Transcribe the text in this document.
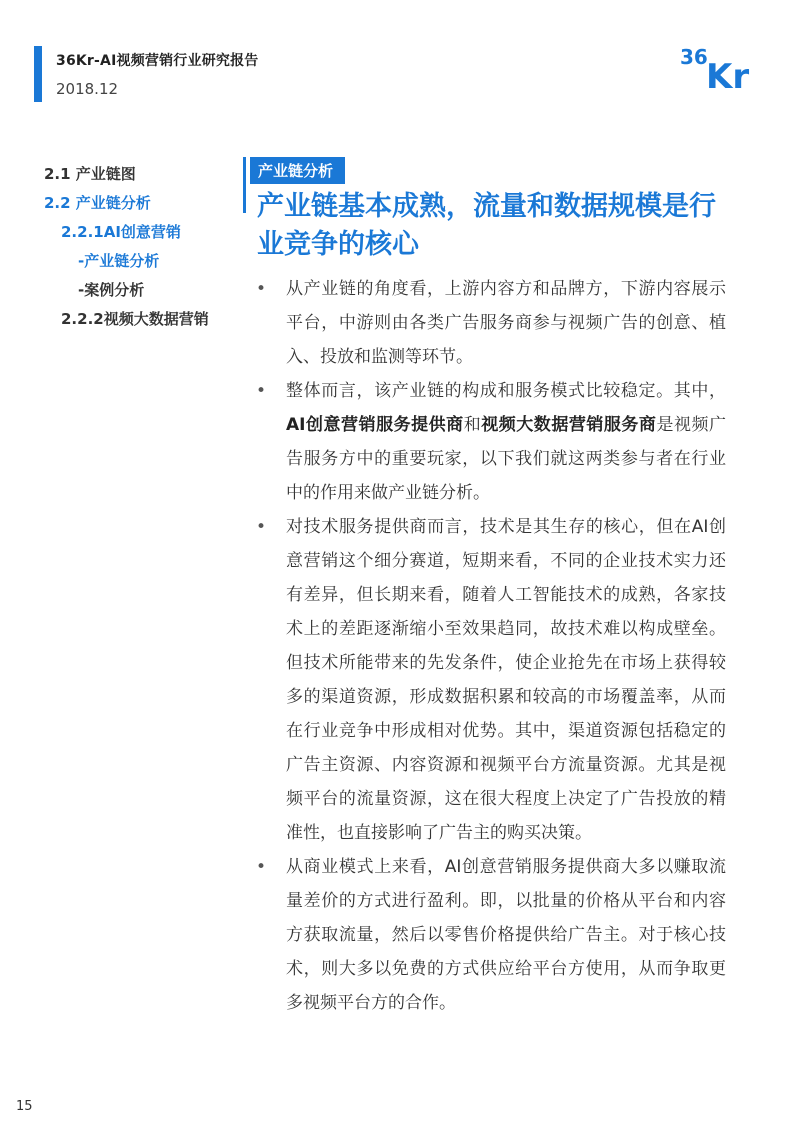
36Kr-AI视频营销行业研究报告
2018.12
36
Kr
2.1 产业链图
2.2 产业链分析
2.2.1AI创意营销
-产业链分析
-案例分析
2.2.2视频大数据营销
产业链分析
产业链基本成熟，流量和数据规模是行业竞争的核心
• 从产业链的角度看，上游内容方和品牌方，下游内容展示平台，中游则由各类广告服务商参与视频广告的创意、植入、投放和监测等环节。
• 整体而言，该产业链的构成和服务模式比较稳定。其中，AI创意营销服务提供商和视频大数据营销服务商是视频广告服务方中的重要玩家，以下我们就这两类参与者在行业中的作用来做产业链分析。
• 对技术服务提供商而言，技术是其生存的核心，但在AI创意营销这个细分赛道，短期来看，不同的企业技术实力还有差异，但长期来看，随着人工智能技术的成熟，各家技术上的差距逐渐缩小至效果趋同，故技术难以构成壁垒。但技术所能带来的先发条件，使企业抢先在市场上获得较多的渠道资源，形成数据积累和较高的市场覆盖率，从而在行业竞争中形成相对优势。其中，渠道资源包括稳定的广告主资源、内容资源和视频平台方流量资源。尤其是视频平台的流量资源，这在很大程度上决定了广告投放的精准性，也直接影响了广告主的购买决策。
• 从商业模式上来看，AI创意营销服务提供商大多以赚取流量差价的方式进行盈利。即，以批量的价格从平台和内容方获取流量，然后以零售价格提供给广告主。对于核心技术，则大多以免费的方式供应给平台方使用，从而争取更多视频平台方的合作。
15
